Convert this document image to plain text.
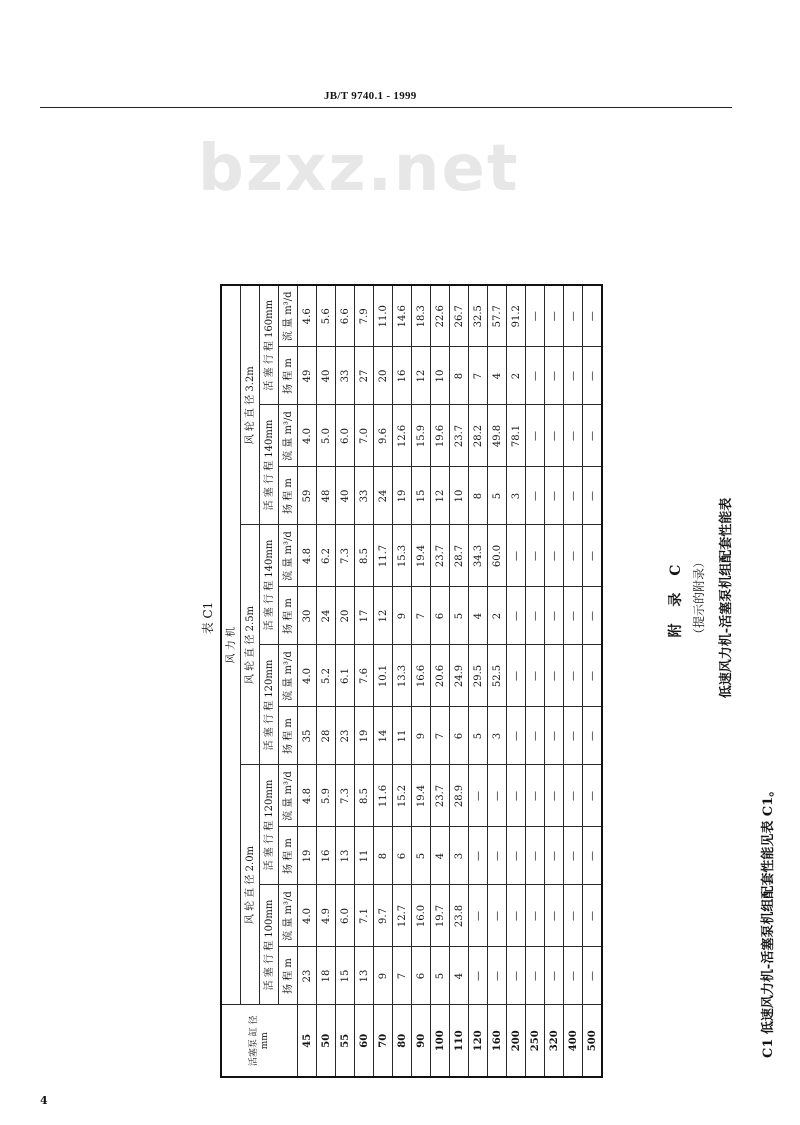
JB/T 9740.1 - 1999
bzxz.net
4
附 录 C （提示的附录）	低速风力机-活塞泵机组配套性能表
C1 低速风力机-活塞泵机组配套性能见表 C1。
表 C1
活塞泵 缸 径
mm	风 力 机											
	风 轮 直 径 2.0m				风 轮 直 径 2.5m				风 轮 直 径 3.2m			
	活 塞 行 程 100mm		活 塞 行 程 120mm		活 塞 行 程 120mm		活 塞 行 程 140mm		活 塞 行 程 140mm		活 塞 行 程 160mm	
	扬 程 m	流 量 m³/d	扬 程 m	流 量 m³/d	扬 程 m	流 量 m³/d	扬 程 m	流 量 m³/d	扬 程 m	流 量 m³/d	扬 程 m	流 量 m³/d
45	23	4.0	19	4.8	35	4.0	30	4.8	59	4.0	49	4.6
50	18	4.9	16	5.9	28	5.2	24	6.2	48	5.0	40	5.6
55	15	6.0	13	7.3	23	6.1	20	7.3	40	6.0	33	6.6
60	13	7.1	11	8.5	19	7.6	17	8.5	33	7.0	27	7.9
70	9	9.7	8	11.6	14	10.1	12	11.7	24	9.6	20	11.0
80	7	12.7	6	15.2	11	13.3	9	15.3	19	12.6	16	14.6
90	6	16.0	5	19.4	9	16.6	7	19.4	15	15.9	12	18.3
100	5	19.7	4	23.7	7	20.6	6	23.7	12	19.6	10	22.6
110	4	23.8	3	28.9	6	24.9	5	28.7	10	23.7	8	26.7
120	—	—	—	—	5	29.5	4	34.3	8	28.2	7	32.5
160	—	—	—	—	3	52.5	2	60.0	5	49.8	4	57.7
200	—	—	—	—	—	—	—	—	3	78.1	2	91.2
250	—	—	—	—	—	—	—	—	—	—	—	—
320	—	—	—	—	—	—	—	—	—	—	—	—
400	—	—	—	—	—	—	—	—	—	—	—	—
500	—	—	—	—	—	—	—	—	—	—	—	—
